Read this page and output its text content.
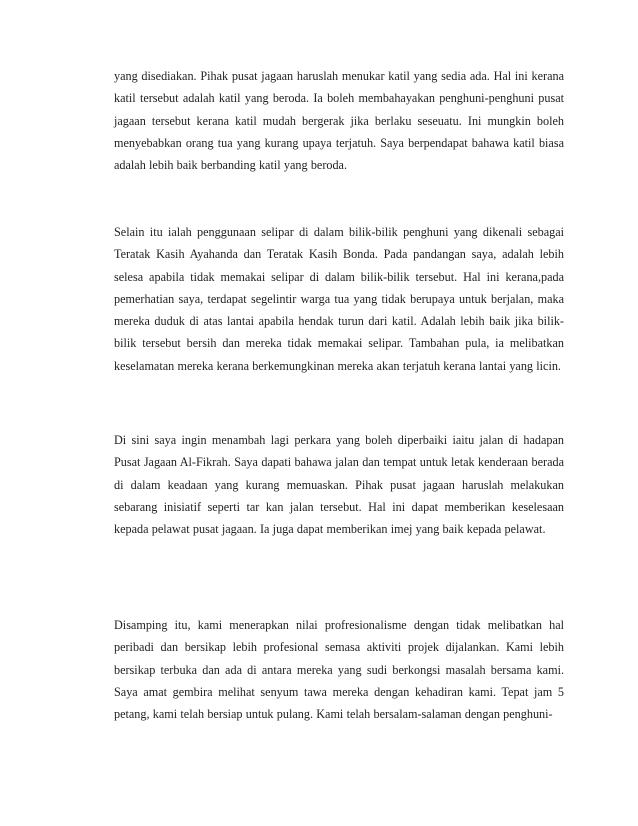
yang disediakan. Pihak pusat jagaan haruslah menukar katil yang sedia ada. Hal ini kerana katil tersebut adalah katil yang beroda. Ia boleh membahayakan penghuni-penghuni pusat jagaan tersebut kerana katil mudah bergerak jika berlaku seseuatu. Ini mungkin boleh menyebabkan orang tua yang kurang upaya terjatuh. Saya berpendapat bahawa katil biasa adalah lebih baik berbanding katil yang beroda.

Selain itu ialah penggunaan selipar di dalam bilik-bilik penghuni yang dikenali sebagai Teratak Kasih Ayahanda dan Teratak Kasih Bonda. Pada pandangan saya, adalah lebih selesa apabila tidak memakai selipar di dalam bilik-bilik tersebut. Hal ini kerana,pada pemerhatian saya, terdapat segelintir warga tua yang tidak berupaya untuk berjalan, maka mereka duduk di atas lantai apabila hendak turun dari katil. Adalah lebih baik jika bilik-bilik tersebut bersih dan mereka tidak memakai selipar. Tambahan pula, ia melibatkan keselamatan mereka kerana berkemungkinan mereka akan terjatuh kerana lantai yang licin.

Di sini saya ingin menambah lagi perkara yang boleh diperbaiki iaitu jalan di hadapan Pusat Jagaan Al-Fikrah. Saya dapati bahawa jalan dan tempat untuk letak kenderaan berada di dalam keadaan yang kurang memuaskan. Pihak pusat jagaan haruslah melakukan sebarang inisiatif seperti tar kan jalan tersebut. Hal ini dapat memberikan keselesaan kepada pelawat pusat jagaan. Ia juga dapat memberikan imej yang baik kepada pelawat.

Disamping itu, kami menerapkan nilai profresionalisme dengan tidak melibatkan hal peribadi dan bersikap lebih profesional semasa aktiviti projek dijalankan. Kami lebih bersikap terbuka dan ada di antara mereka yang sudi berkongsi masalah bersama kami. Saya amat gembira melihat senyum tawa mereka dengan kehadiran kami. Tepat jam 5 petang, kami telah bersiap untuk pulang. Kami telah bersalam-salaman dengan penghuni-
